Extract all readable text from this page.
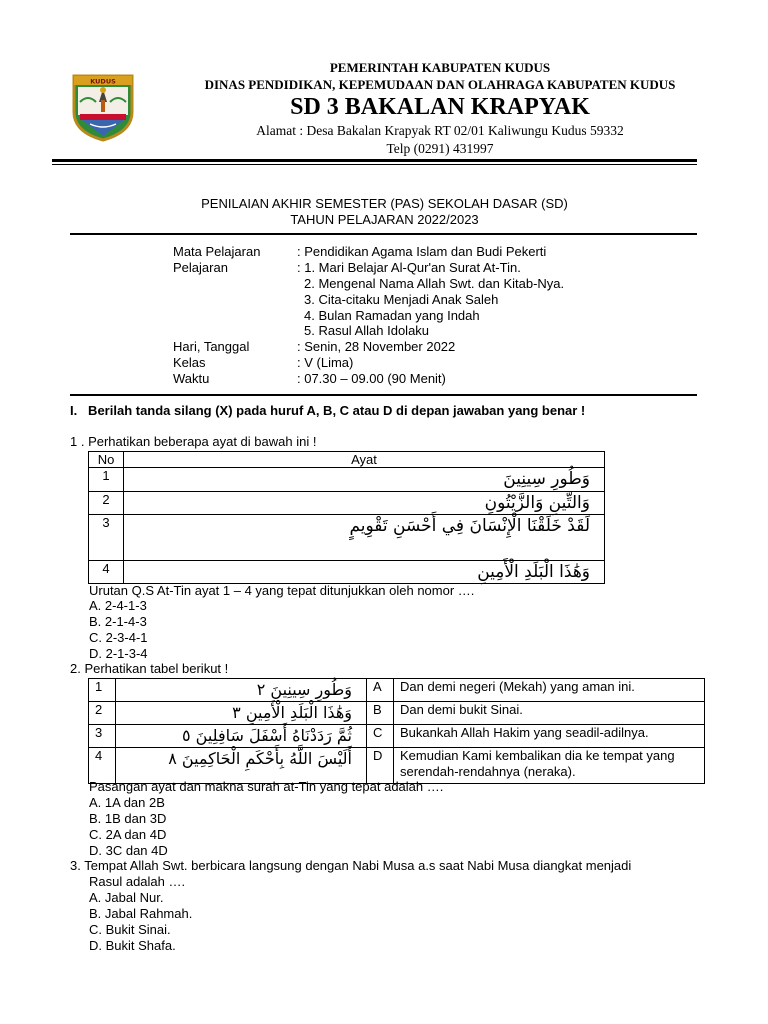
KUDUS
PEMERINTAH KABUPATEN KUDUS
DINAS PENDIDIKAN, KEPEMUDAAN DAN OLAHRAGA KABUPATEN KUDUS
SD 3 BAKALAN KRAPYAK
Alamat : Desa Bakalan Krapyak RT 02/01 Kaliwungu Kudus 59332
Telp (0291) 431997
PENILAIAN AKHIR SEMESTER (PAS) SEKOLAH DASAR (SD)
TAHUN PELAJARAN 2022/2023
Mata Pelajaran	: Pendidikan Agama Islam dan Budi Pekerti
Pelajaran	: 1. Mari Belajar Al-Qur'an Surat At-Tin.
2. Mengenal Nama Allah Swt. dan Kitab-Nya.
3. Cita-citaku Menjadi Anak Saleh
4. Bulan Ramadan yang Indah
5. Rasul Allah Idolaku
Hari, Tanggal	: Senin, 28 November 2022
Kelas	: V (Lima)
Waktu	: 07.30 – 09.00 (90 Menit)
I.   Berilah tanda silang (X) pada huruf A, B, C atau D di depan jawaban yang benar !
1 . Perhatikan beberapa ayat di bawah ini !
No	Ayat
1	وَطُورِ سِينِينَ
2	وَالتِّينِ وَالزَّيْتُونِ
3	لَقَدْ خَلَقْنَا الْإِنْسَانَ فِي أَحْسَنِ تَقْوِيمٍ
4	وَهَٰذَا الْبَلَدِ الْأَمِينِ
Urutan Q.S At-Tin ayat 1 – 4 yang tepat ditunjukkan oleh nomor ….
A. 2-4-1-3
B. 2-1-4-3
C. 2-3-4-1
D. 2-1-3-4
2. Perhatikan tabel berikut !
1	وَطُورِ سِينِينَ ٢	A	Dan demi negeri (Mekah) yang aman ini.
2	وَهَٰذَا الْبَلَدِ الْأَمِينِ ٣	B	Dan demi bukit Sinai.
3	ثُمَّ رَدَدْنَاهُ أَسْفَلَ سَافِلِينَ ٥	C	Bukankah Allah Hakim yang seadil-adilnya.
4	أَلَيْسَ اللَّهُ بِأَحْكَمِ الْحَاكِمِينَ ٨	D	Kemudian Kami kembalikan dia ke tempat yang serendah-rendahnya (neraka).
Pasangan ayat dan makna surah at-Tin yang tepat adalah ….
A. 1A dan 2B
B. 1B dan 3D
C. 2A dan 4D
D. 3C dan 4D
3. Tempat Allah Swt. berbicara langsung dengan Nabi Musa a.s saat Nabi Musa diangkat menjadi
Rasul adalah ….
A. Jabal Nur.
B. Jabal Rahmah.
C. Bukit Sinai.
D. Bukit Shafa.
